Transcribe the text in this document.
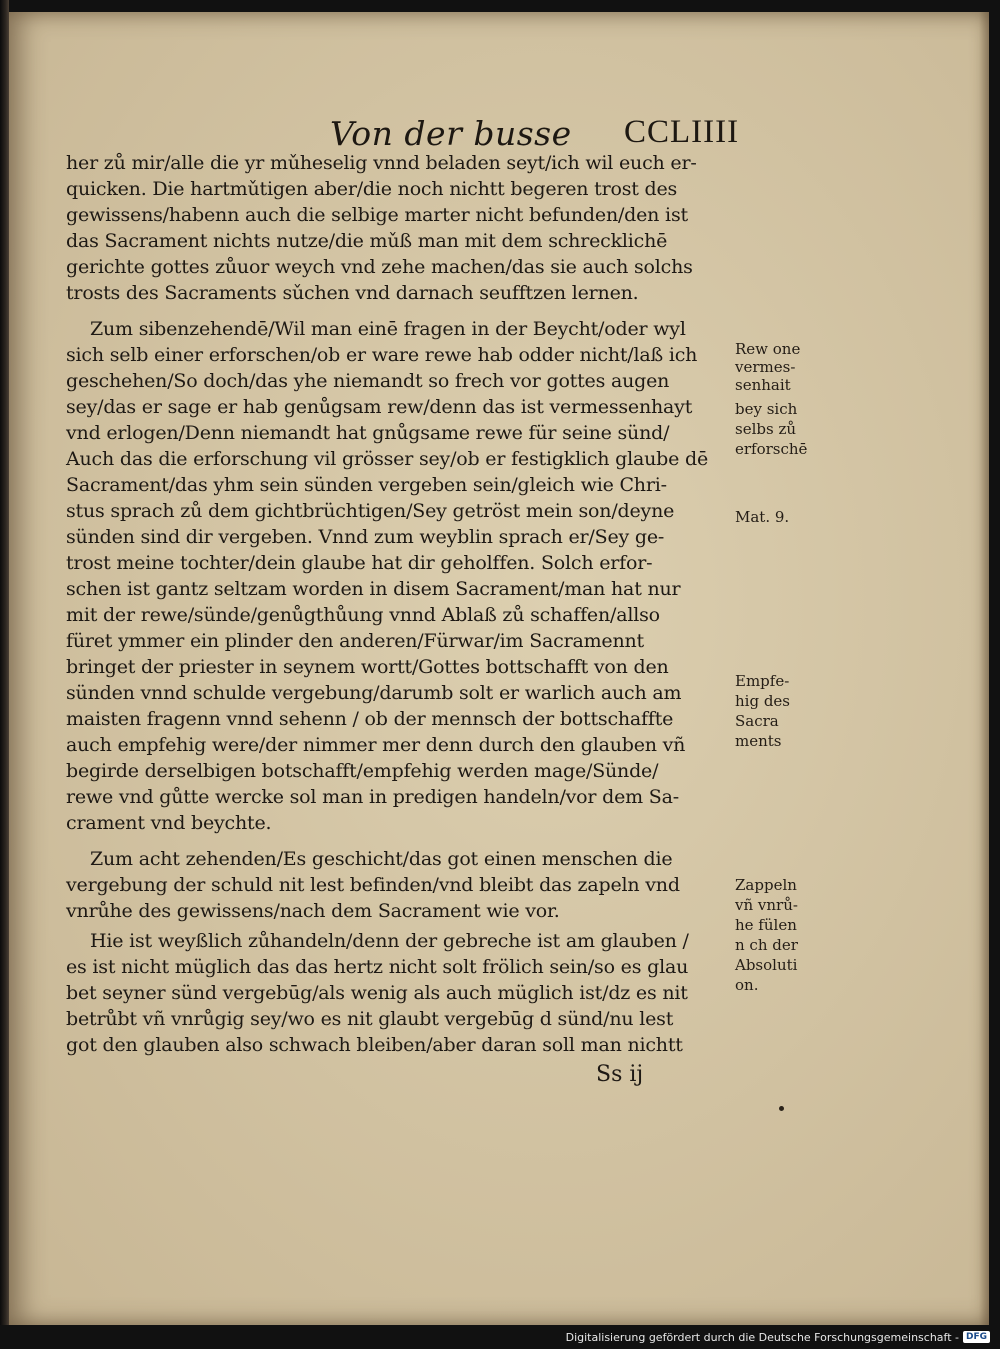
Von der busse CCLIIII
her zů mir/alle die yr mǔheselig vnnd beladen seyt/ich wil euch er-
quicken. Die hartmǔtigen aber/die noch nichtt begeren trost des
gewissens/habenn auch die selbige marter nicht befunden/den ist
das Sacrament nichts nutze/die mǔß man mit dem schrecklichē
gerichte gottes zůuor weych vnd zehe machen/das sie auch solchs
trosts des Sacraments sǔchen vnd darnach seufftzen lernen.
Zum sibenzehendē/Wil man einē fragen in der Beycht/oder wyl
sich selb einer erforschen/ob er ware rewe hab odder nicht/laß ich
geschehen/So doch/das yhe niemandt so frech vor gottes augen
sey/das er sage er hab genůgsam rew/denn das ist vermessenhayt
vnd erlogen/Denn niemandt hat gnůgsame rewe für seine sünd/
Auch das die erforschung vil grösser sey/ob er festigklich glaube dē
Sacrament/das yhm sein sünden vergeben sein/gleich wie Chri-
stus sprach zů dem gichtbrüchtigen/Sey getröst mein son/deyne
sünden sind dir vergeben. Vnnd zum weyblin sprach er/Sey ge-
trost meine tochter/dein glaube hat dir geholffen. Solch erfor-
schen ist gantz seltzam worden in disem Sacrament/man hat nur
mit der rewe/sünde/genůgthůung vnnd Ablaß zů schaffen/allso
füret ymmer ein plinder den anderen/Fürwar/im Sacramennt
bringet der priester in seynem wortt/Gottes bottschafft von den
sünden vnnd schulde vergebung/darumb solt er warlich auch am
maisten fragenn vnnd sehenn / ob der mennsch der bottschaffte
auch empfehig were/der nimmer mer denn durch den glauben vñ
begirde derselbigen botschafft/empfehig werden mage/Sünde/
rewe vnd gůtte wercke sol man in predigen handeln/vor dem Sa-
crament vnd beychte.
Zum acht zehenden/Es geschicht/das got einen menschen die
vergebung der schuld nit lest befinden/vnd bleibt das zapeln vnd
vnrůhe des gewissens/nach dem Sacrament wie vor.
Hie ist weyßlich zůhandeln/denn der gebreche ist am glauben /
es ist nicht müglich das das hertz nicht solt frölich sein/so es glau
bet seyner sünd vergebūg/als wenig als auch müglich ist/dz es nit
betrůbt vñ vnrůgig sey/wo es nit glaubt vergebūg d sünd/nu lest
got den glauben also schwach bleiben/aber daran soll man nichtt
Rew one
vermes-
senhait
bey sich
selbs zů
erforschē
Mat. 9.
Empfe-
hig des
Sacra
ments
Zappeln
vñ vnrů-
he fülen
n ch der
Absoluti
on.
Ss ij
Digitalisierung gefördert durch die Deutsche Forschungsgemeinschaft - DFG
